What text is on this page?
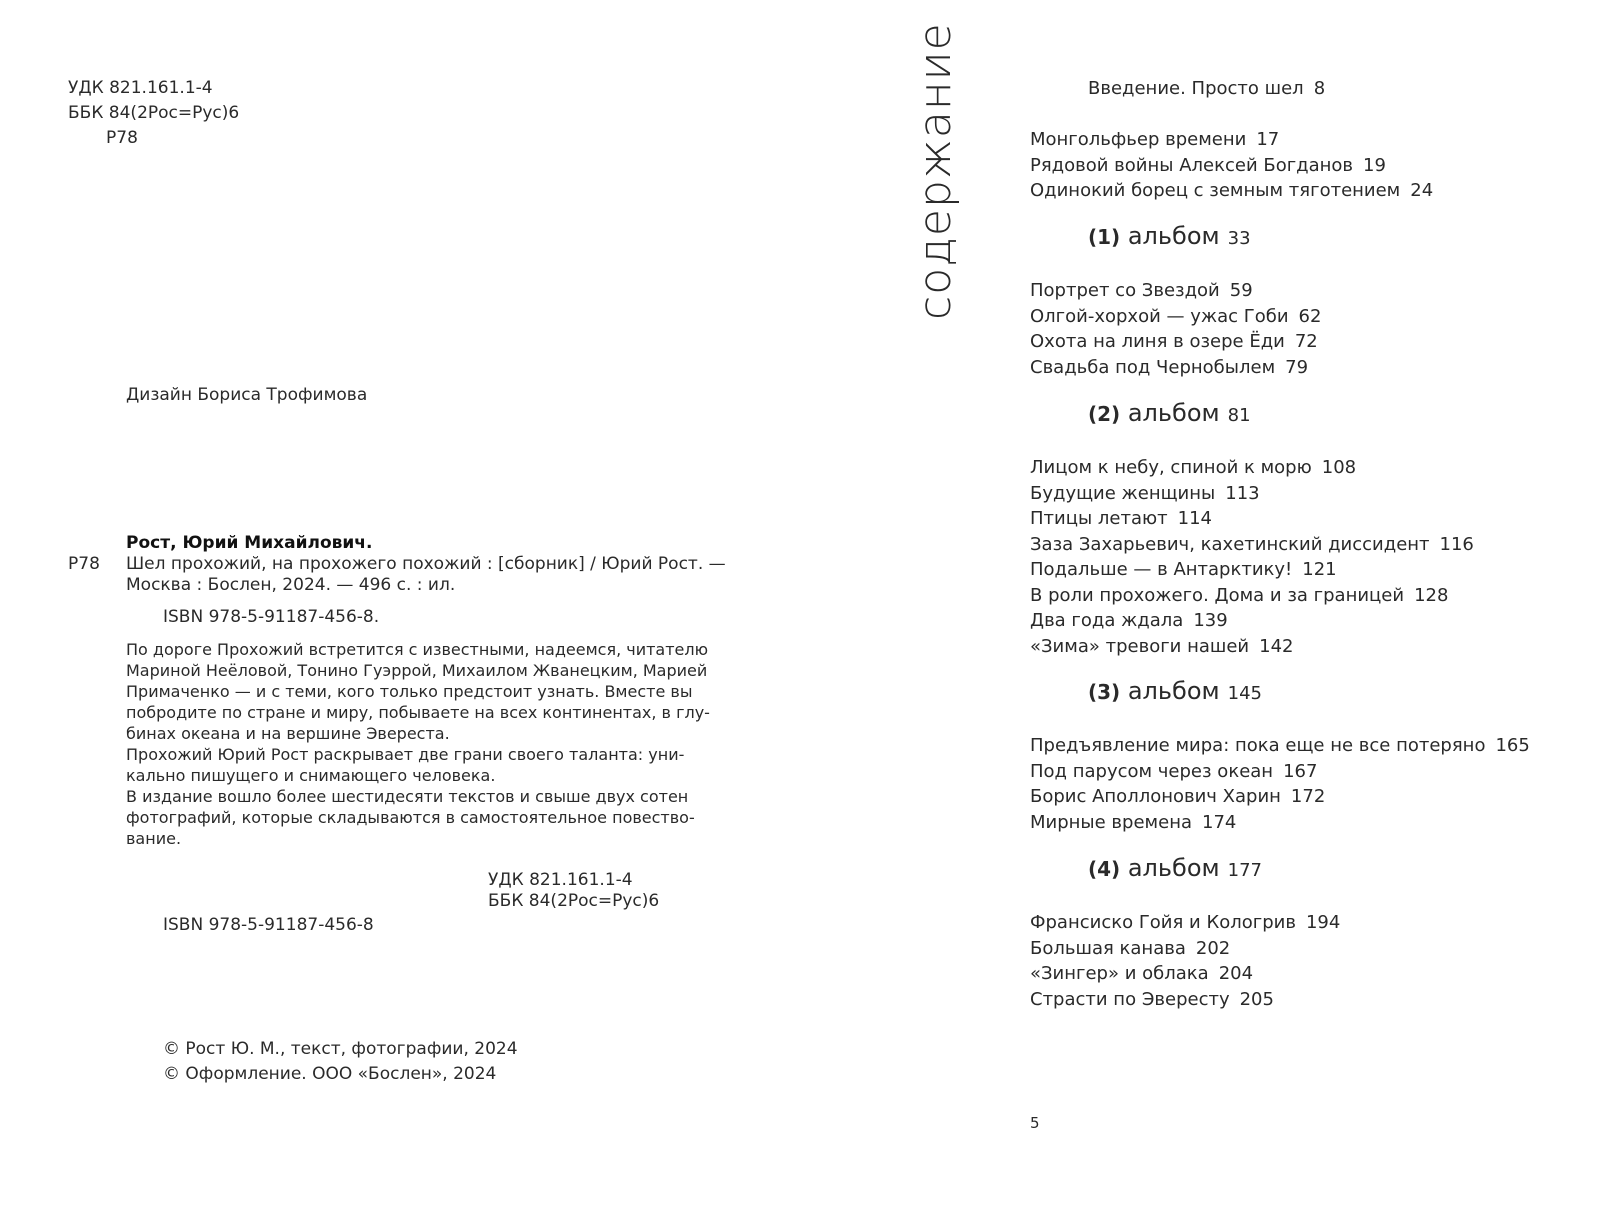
УДК 821.161.1-4
ББК 84(2Рос=Рус)6
Р78
Дизайн Бориса Трофимова
Рост, Юрий Михайлович.
Р78 Шел прохожий, на прохожего похожий : [сборник] / Юрий Рост. —
Москва : Бослен, 2024. — 496 с. : ил.
ISBN 978-5-91187-456-8.

По дороге Прохожий встретится с известными, надеемся, читателю

Мариной Неёловой, Тонино Гуэррой, Михаилом Жванецким, Марией

Примаченко — и с теми, кого только предстоит узнать. Вместе вы

побродите по стране и миру, побываете на всех континентах, в глу-

бинах океана и на вершине Эвереста.

Прохожий Юрий Рост раскрывает две грани своего таланта: уни-

кально пишущего и снимающего человека.

В издание вошло более шестидесяти текстов и свыше двух сотен

фотографий, которые складываются в самостоятельное повество-

вание.

УДК 821.161.1-4
ББК 84(2Рос=Рус)6
ISBN 978-5-91187-456-8
© Рост Ю. М., текст, фотографии, 2024
© Оформление. ООО «Бослен», 2024
содержание	Введение. Просто шел 8
(1) альбом 33
(2) альбом 81
(3) альбом 145
(4) альбом 177
5
Монгольфьер времени 17
Рядовой войны Алексей Богданов 19
Одинокий борец с земным тяготением 24
Портрет со Звездой 59
Олгой-хорхой — ужас Гоби 62
Охота на линя в озере Ёди 72
Свадьба под Чернобылем 79
Лицом к небу, спиной к морю 108
Будущие женщины 113
Птицы летают 114
Заза Захарьевич, кахетинский диссидент 116
Подальше — в Антарктику! 121
В роли прохожего. Дома и за границей 128
Два года ждала 139
«Зима» тревоги нашей 142
Предъявление мира: пока еще не все потеряно 165
Под парусом через океан 167
Борис Аполлонович Харин 172
Мирные времена 174
Франсиско Гойя и Кологрив 194
Большая канава 202
«Зингер» и облака 204
Страсти по Эвересту 205
